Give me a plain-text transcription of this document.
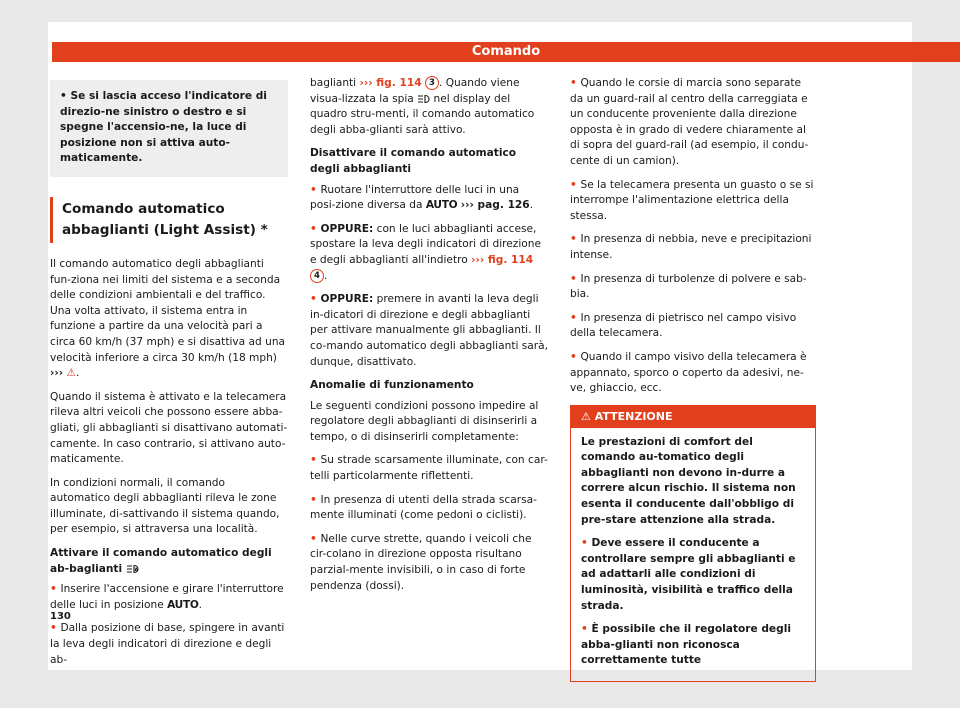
Comando
• Se si lascia acceso l'indicatore di direzio-ne sinistro o destro e si spegne l'accensio-ne, la luce di posizione non si attiva auto-maticamente.
Comando automatico abbaglianti (Light Assist) *

Il comando automatico degli abbaglianti fun-ziona nei limiti del sistema e a seconda delle condizioni ambientali e del traffico. Una volta attivato, il sistema entra in funzione a partire da una velocità pari a circa 60 km/h (37 mph) e si disattiva ad una velocità inferiore a circa 30 km/h (18 mph) ››› ⚠.

Quando il sistema è attivato e la telecamera rileva altri veicoli che possono essere abba-gliati, gli abbaglianti si disattivano automati-camente. In caso contrario, si attivano auto-maticamente.

In condizioni normali, il comando automatico degli abbaglianti rileva le zone illuminate, di-sattivando il sistema quando, per esempio, si attraversa una località.

Attivare il comando automatico degli ab-baglianti	A

• Inserire l'accensione e girare l'interruttore delle luci in posizione AUTO.

• Dalla posizione di base, spingere in avanti la leva degli indicatori di direzione e degli ab-

baglianti ››› fig. 114 3 . Quando viene visua-lizzata la spia nel display del quadro stru-menti, il comando automatico degli abba-glianti sarà attivo.

Disattivare il comando automatico degli abbaglianti

• Ruotare l'interruttore delle luci in una posi-zione diversa da AUTO ››› pag. 126.

• OPPURE: con le luci abbaglianti accese, spostare la leva degli indicatori di direzione e degli abbaglianti all'indietro ››› fig. 114 4 .

• OPPURE: premere in avanti la leva degli in-dicatori di direzione e degli abbaglianti per attivare manualmente gli abbaglianti. Il co-mando automatico degli abbaglianti sarà, dunque, disattivato.

Anomalie di funzionamento

Le seguenti condizioni possono impedire al regolatore degli abbaglianti di disinserirli a tempo, o di disinserirli completamente:

• Su strade scarsamente illuminate, con car-telli particolarmente riflettenti.

• In presenza di utenti della strada scarsa-mente illuminati (come pedoni o ciclisti).

• Nelle curve strette, quando i veicoli che cir-colano in direzione opposta risultano parzial-mente invisibili, o in caso di forte pendenza (dossi).

• Quando le corsie di marcia sono separate da un guard-rail al centro della carreggiata e un conducente proveniente dalla direzione opposta è in grado di vedere chiaramente al di sopra del guard-rail (ad esempio, il condu-cente di un camion).

• Se la telecamera presenta un guasto o se si interrompe l'alimentazione elettrica della stessa.

• In presenza di nebbia, neve e precipitazioni intense.

• In presenza di turbolenze di polvere e sab-bia.

• In presenza di pietrisco nel campo visivo della telecamera.

• Quando il campo visivo della telecamera è appannato, sporco o coperto da adesivi, ne-ve, ghiaccio, ecc.

⚠ ATTENZIONE

Le prestazioni di comfort del comando au-tomatico degli abbaglianti non devono in-durre a correre alcun rischio. Il sistema non esenta il conducente dall'obbligo di pre-stare attenzione alla strada.

• Deve essere il conducente a controllare sempre gli abbaglianti e ad adattarli alle condizioni di luminosità, visibilità e traffico della strada.

• È possibile che il regolatore degli abba-glianti non riconosca correttamente tutte

130
